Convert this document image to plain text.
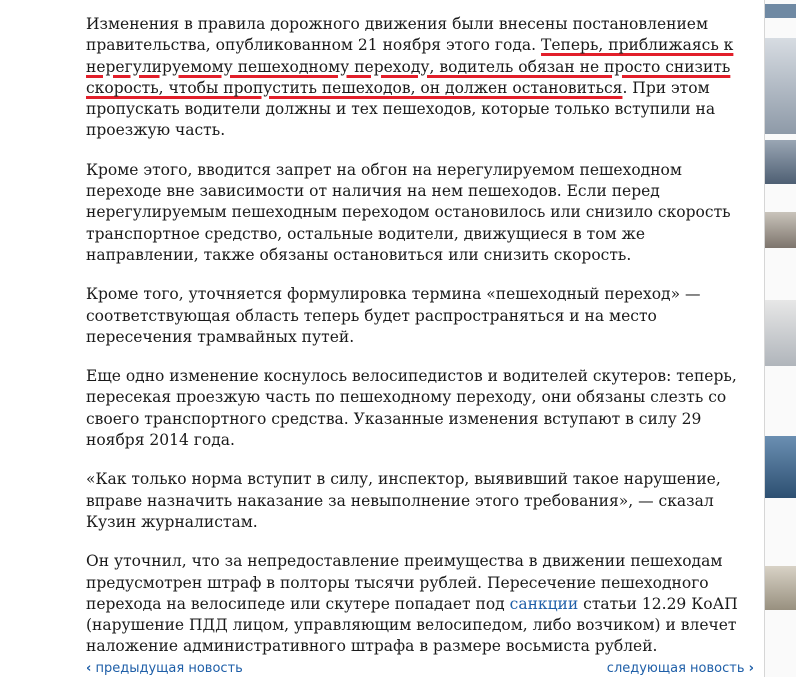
Изменения в правила дорожного движения были внесены постановлением правительства, опубликованном 21 ноября этого года. Теперь, приближаясь к нерегулируемому пешеходному переходу, водитель обязан не просто снизить скорость, чтобы пропустить пешеходов, он должен остановиться. При этом пропускать водители должны и тех пешеходов, которые только вступили на проезжую часть.

Кроме этого, вводится запрет на обгон на нерегулируемом пешеходном переходе вне зависимости от наличия на нем пешеходов. Если перед нерегулируемым пешеходным переходом остановилось или снизило скорость транспортное средство, остальные водители, движущиеся в том же направлении, также обязаны остановиться или снизить скорость.

Кроме того, уточняется формулировка термина «пешеходный переход» — соответствующая область теперь будет распространяться и на место пересечения трамвайных путей.

Еще одно изменение коснулось велосипедистов и водителей скутеров: теперь, пересекая проезжую часть по пешеходному переходу, они обязаны слезть со своего транспортного средства. Указанные изменения вступают в силу 29 ноября 2014 года.

«Как только норма вступит в силу, инспектор, выявивший такое нарушение, вправе назначить наказание за невыполнение этого требования», — сказал Кузин журналистам.

Он уточнил, что за непредоставление преимущества в движении пешеходам предусмотрен штраф в полторы тысячи рублей. Пересечение пешеходного перехода на велосипеде или скутере попадает под санкции статьи 12.29 КоАП (нарушение ПДД лицом, управляющим велосипедом, либо возчиком) и влечет наложение административного штрафа в размере восьмиста рублей.

‹ предыдущая новость	следующая новость ›
